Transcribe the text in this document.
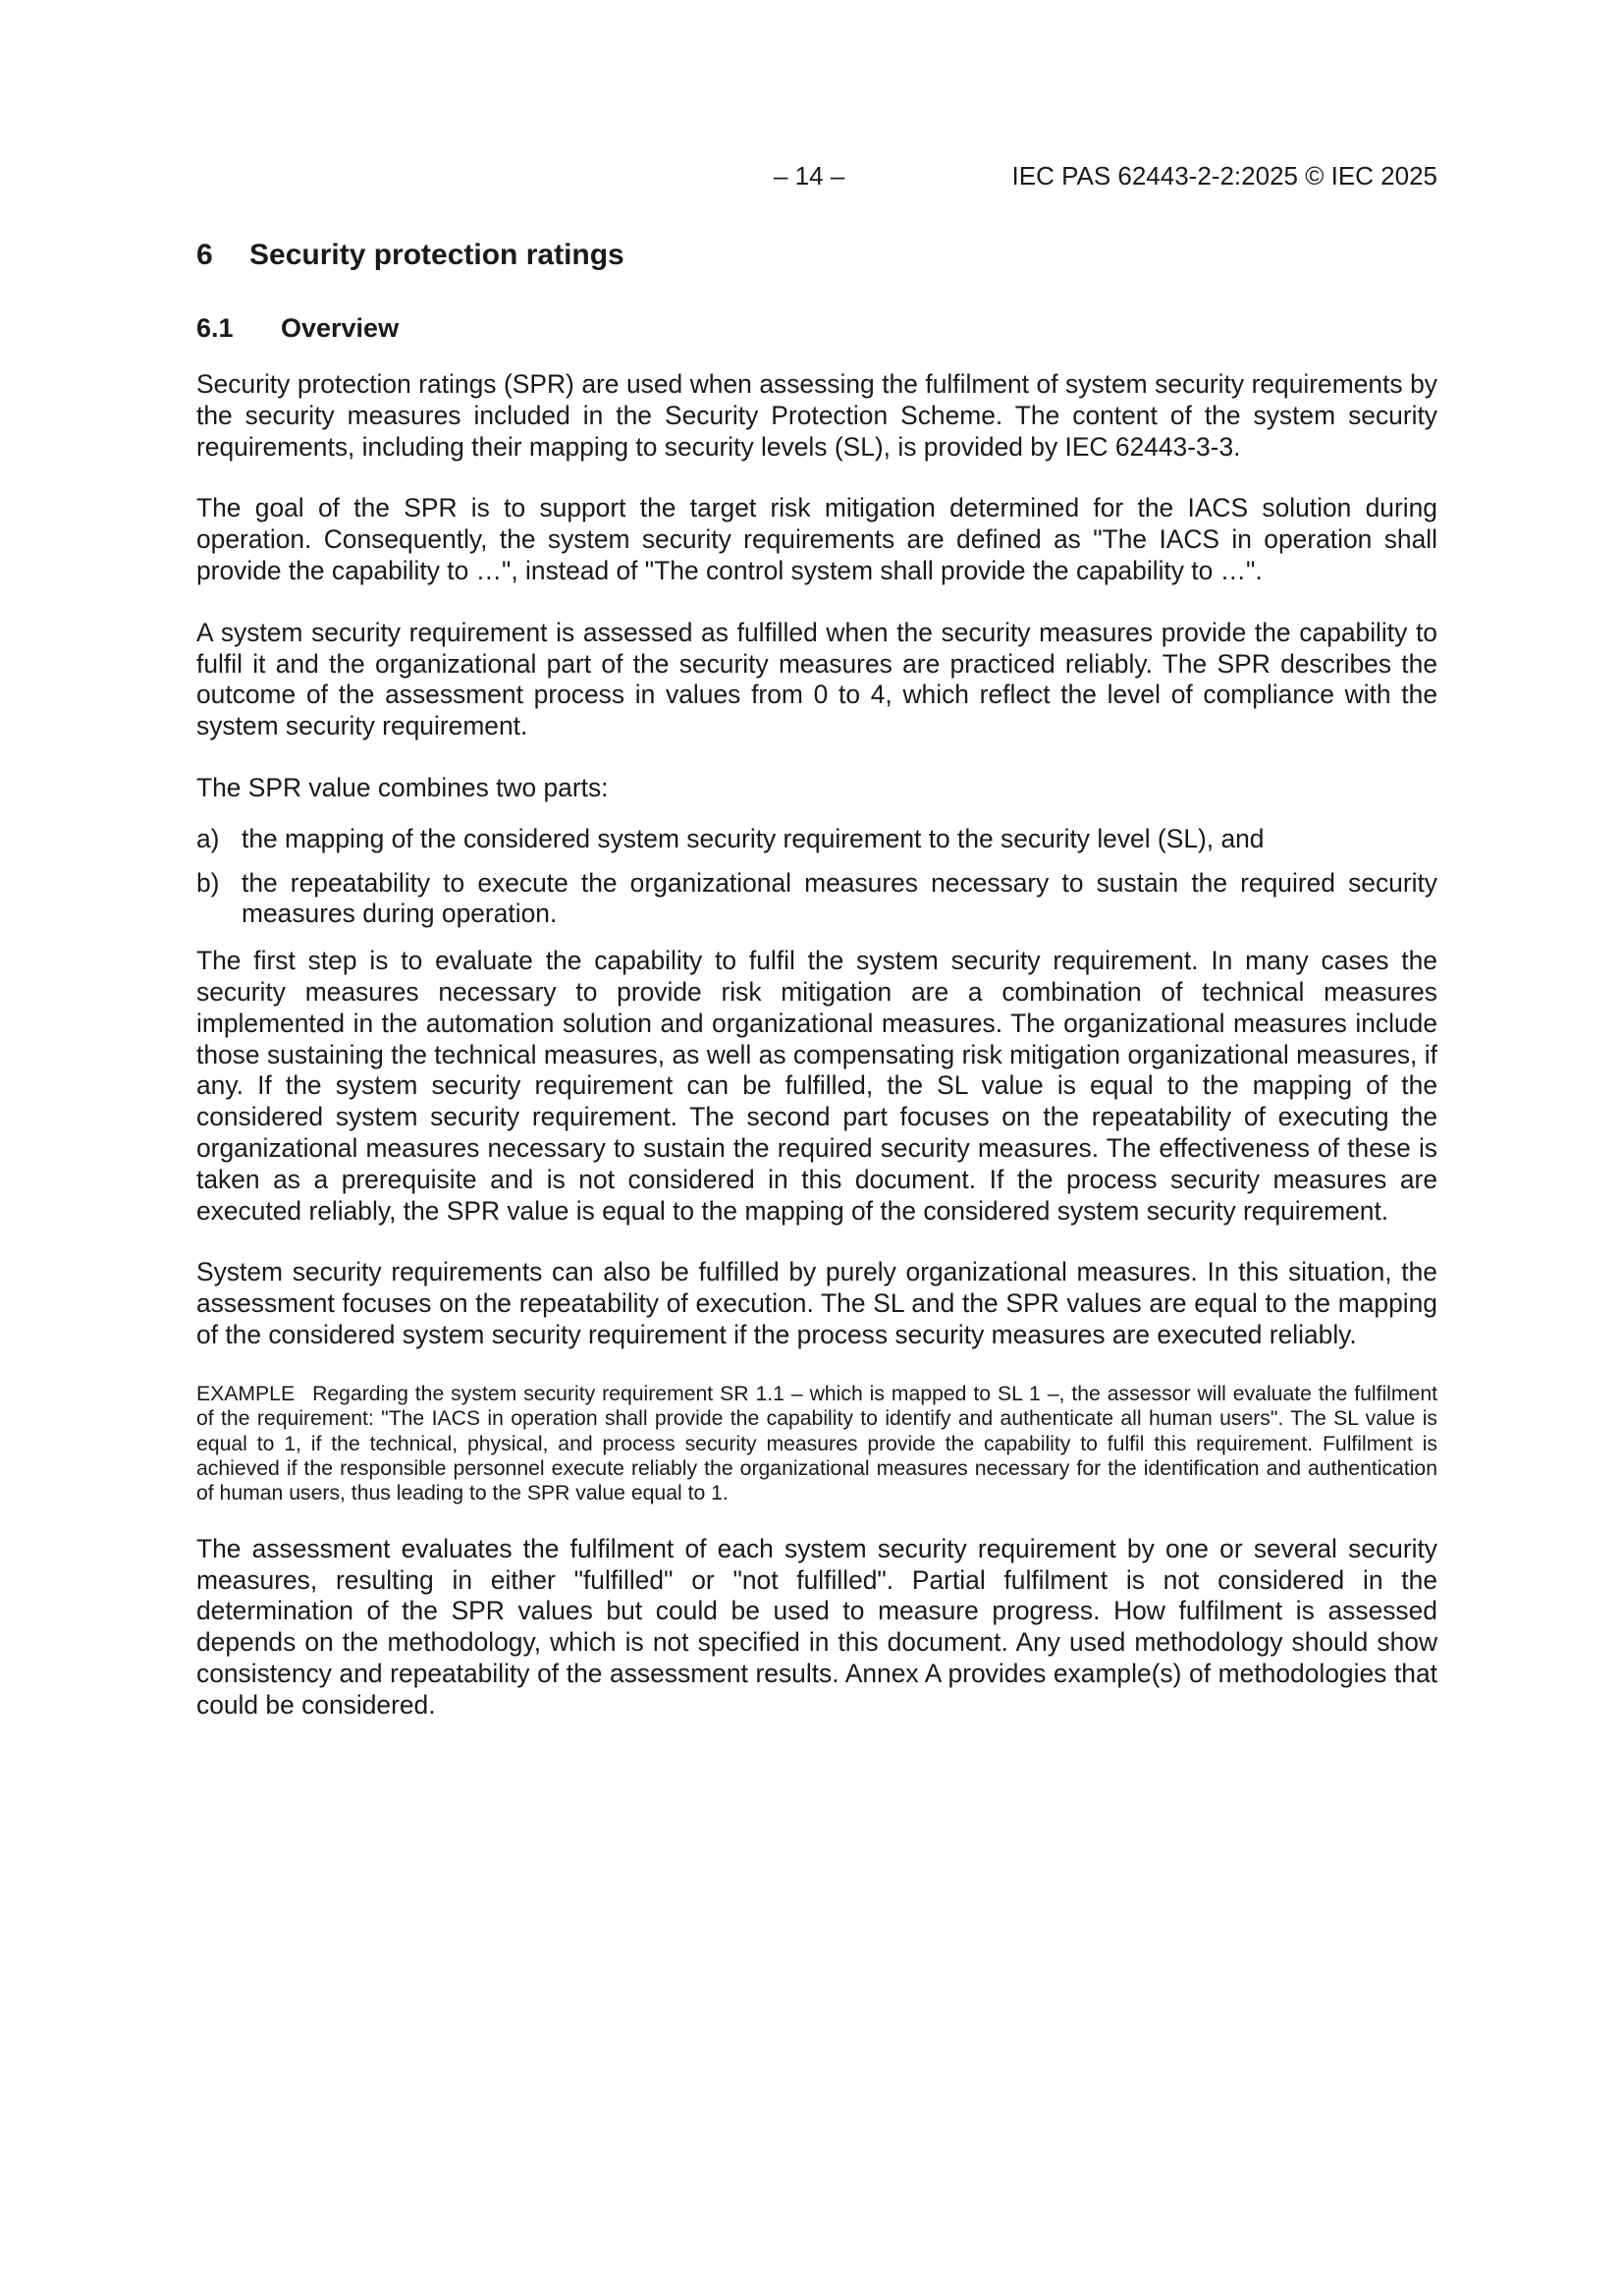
– 14 –	IEC PAS 62443-2-2:2025 © IEC 2025
6 Security protection ratings
6.1 Overview

Security protection ratings (SPR) are used when assessing the fulfilment of system security requirements by the security measures included in the Security Protection Scheme. The content of the system security requirements, including their mapping to security levels (SL), is provided by IEC 62443-3-3.

The goal of the SPR is to support the target risk mitigation determined for the IACS solution during operation. Consequently, the system security requirements are defined as "The IACS in operation shall provide the capability to …", instead of "The control system shall provide the capability to …".

A system security requirement is assessed as fulfilled when the security measures provide the capability to fulfil it and the organizational part of the security measures are practiced reliably. The SPR describes the outcome of the assessment process in values from 0 to 4, which reflect the level of compliance with the system security requirement.

The SPR value combines two parts:

a) the mapping of the considered system security requirement to the security level (SL), and
b) the repeatability to execute the organizational measures necessary to sustain the required security measures during operation.

The first step is to evaluate the capability to fulfil the system security requirement. In many cases the security measures necessary to provide risk mitigation are a combination of technical measures implemented in the automation solution and organizational measures. The organizational measures include those sustaining the technical measures, as well as compensating risk mitigation organizational measures, if any. If the system security requirement can be fulfilled, the SL value is equal to the mapping of the considered system security requirement. The second part focuses on the repeatability of executing the organizational measures necessary to sustain the required security measures. The effectiveness of these is taken as a prerequisite and is not considered in this document. If the process security measures are executed reliably, the SPR value is equal to the mapping of the considered system security requirement.

System security requirements can also be fulfilled by purely organizational measures. In this situation, the assessment focuses on the repeatability of execution. The SL and the SPR values are equal to the mapping of the considered system security requirement if the process security measures are executed reliably.

EXAMPLE Regarding the system security requirement SR 1.1 – which is mapped to SL 1 –, the assessor will evaluate the fulfilment of the requirement: "The IACS in operation shall provide the capability to identify and authenticate all human users". The SL value is equal to 1, if the technical, physical, and process security measures provide the capability to fulfil this requirement. Fulfilment is achieved if the responsible personnel execute reliably the organizational measures necessary for the identification and authentication of human users, thus leading to the SPR value equal to 1.

The assessment evaluates the fulfilment of each system security requirement by one or several security measures, resulting in either "fulfilled" or "not fulfilled". Partial fulfilment is not considered in the determination of the SPR values but could be used to measure progress. How fulfilment is assessed depends on the methodology, which is not specified in this document. Any used methodology should show consistency and repeatability of the assessment results. Annex A provides example(s) of methodologies that could be considered.
